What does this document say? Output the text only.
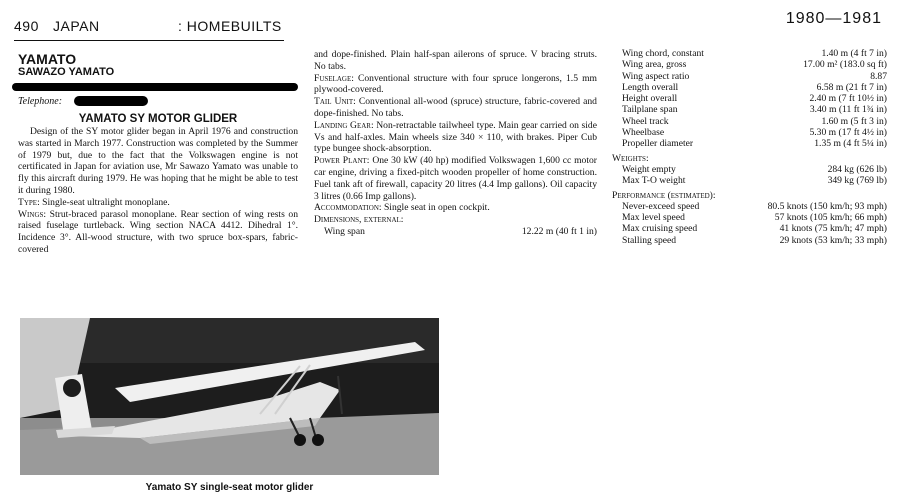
490 JAPAN	: HOMEBUILTS	1980—1981
YAMATO
SAWAZO YAMATO
Telephone:
YAMATO SY MOTOR GLIDER

Design of the SY motor glider began in April 1976 and construction was started in March 1977. Construction was completed by the Summer of 1979 but, due to the fact that the Volkswagen engine is not certificated in Japan for aviation use, Mr Sawazo Yamato was unable to fly this aircraft during 1979. He was hoping that he might be able to test it during 1980.

Type: Single-seat ultralight monoplane.

Wings: Strut-braced parasol monoplane. Rear section of wing rests on raised fuselage turtleback. Wing section NACA 4412. Dihedral 1°. Incidence 3°. All-wood structure, with two spruce box-spars, fabric-covered

and dope-finished. Plain half-span ailerons of spruce. V bracing struts. No tabs.

Fuselage: Conventional structure with four spruce longerons, 1.5 mm plywood-covered.

Tail Unit: Conventional all-wood (spruce) structure, fabric-covered and dope-finished. No tabs.

Landing Gear: Non-retractable tailwheel type. Main gear carried on side Vs and half-axles. Main wheels size 340 × 110, with brakes. Piper Cub type bungee shock-absorption.

Power Plant: One 30 kW (40 hp) modified Volkswagen 1,600 cc motor car engine, driving a fixed-pitch wooden propeller of home construction. Fuel tank aft of firewall, capacity 20 litres (4.4 Imp gallons). Oil capacity 3 litres (0.66 Imp gallons).

Accommodation: Single seat in open cockpit.

Dimensions, external:

Wing span	12.22 m (40 ft 1 in)
Wing chord, constant	1.40 m (4 ft 7 in)
Wing area, gross	17.00 m² (183.0 sq ft)
Wing aspect ratio	8.87
Length overall	6.58 m (21 ft 7 in)
Height overall	2.40 m (7 ft 10½ in)
Tailplane span	3.40 m (11 ft 1¾ in)
Wheel track	1.60 m (5 ft 3 in)
Wheelbase	5.30 m (17 ft 4½ in)
Propeller diameter	1.35 m (4 ft 5¼ in)
Weights:
Weight empty	284 kg (626 lb)
Max T-O weight	349 kg (769 lb)
Performance (estimated):
Never-exceed speed	80.5 knots (150 km/h; 93 mph)
Max level speed	57 knots (105 km/h; 66 mph)
Max cruising speed	41 knots (75 km/h; 47 mph)
Stalling speed	29 knots (53 km/h; 33 mph)
Yamato SY single-seat motor glider
